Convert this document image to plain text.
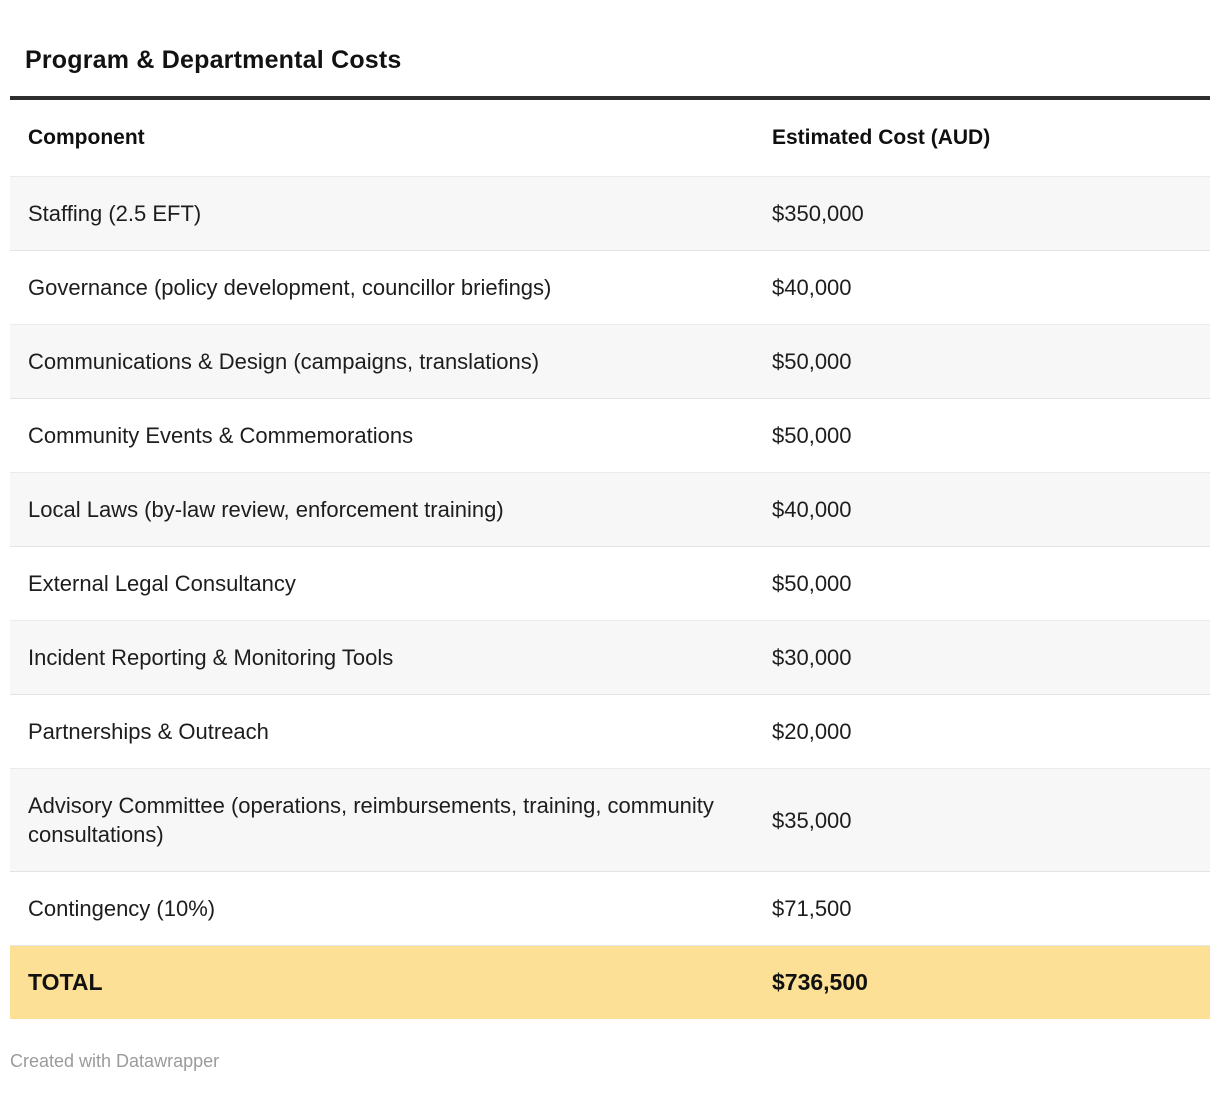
Program & Departmental Costs
Component	Estimated Cost (AUD)
Staffing (2.5 EFT)	$350,000
Governance (policy development, councillor briefings)	$40,000
Communications & Design (campaigns, translations)	$50,000
Community Events & Commemorations	$50,000
Local Laws (by-law review, enforcement training)	$40,000
External Legal Consultancy	$50,000
Incident Reporting & Monitoring Tools	$30,000
Partnerships & Outreach	$20,000
Advisory Committee (operations, reimbursements, training, community consultations)	$35,000
Contingency (10%)	$71,500
TOTAL	$736,500
Created with Datawrapper
